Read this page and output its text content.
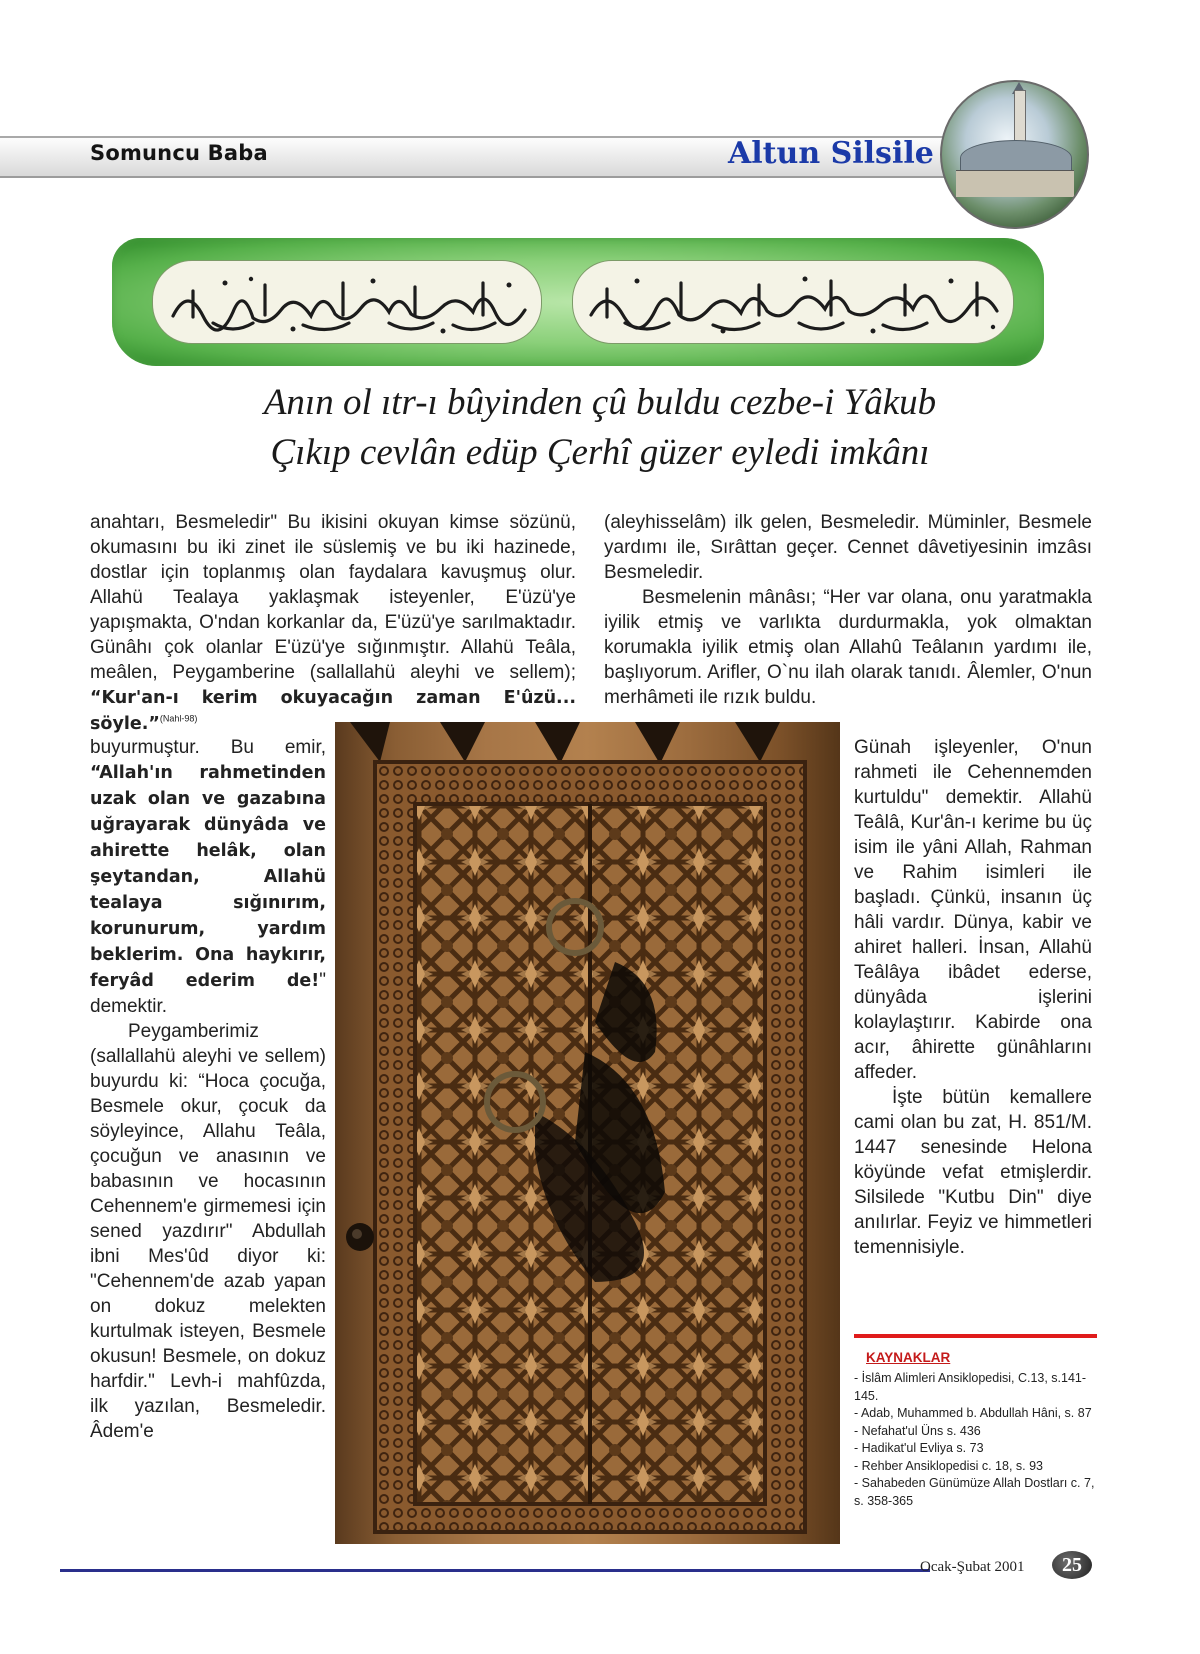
Somuncu Baba	Altun Silsile
Anın ol ıtr-ı bûyinden çû buldu cezbe-i Yâkub
Çıkıp cevlân edüp Çerhî güzer eyledi imkânı

anahtarı, Besmeledir" Bu ikisini okuyan kimse sözünü, okumasını bu iki zinet ile süslemiş ve bu iki hazinede, dostlar için toplanmış olan faydalara kavuşmuş olur. Allahü Tealaya yaklaşmak isteyenler, E'üzü'ye yapışmakta, O'ndan korkanlar da, E'üzü'ye sarılmaktadır. Günâhı çok olanlar E'üzü'ye sığınmıştır. Allahü Teâla, meâlen, Peygamberine (sallallahü aleyhi ve sellem); “Kur'an-ı kerim okuyacağın zaman E'ûzü... söyle.”$^{(Nahl-98)}$

buyurmuştur. Bu emir, “Allah'ın rahmetinden uzak olan ve gazabına uğrayarak dünyâda ve ahirette helâk, olan şeytandan, Allahü tealaya sığınırım, korunurum, yardım beklerim. Ona haykırır, feryâd ederim de!" demektir.

Peygamberimiz (sallallahü aleyhi ve sellem) buyurdu ki: “Hoca çocuğa, Besmele okur, çocuk da söyleyince, Allahu Teâla, çocuğun ve anasının ve babasının ve hocasının Cehennem'e girmemesi için sened yazdırır" Abdullah ibni Mes'ûd diyor ki: "Cehennem'de azab yapan on dokuz melekten kurtulmak isteyen, Besmele okusun! Besmele, on dokuz harfdir." Levh-i mahfûzda, ilk yazılan, Besmeledir. Âdem'e

(aleyhisselâm) ilk gelen, Besmeledir. Müminler, Besmele yardımı ile, Sırâttan geçer. Cennet dâvetiyesinin imzâsı Besmeledir.

Besmelenin mânâsı; “Her var olana, onu yaratmakla iyilik etmiş ve varlıkta durdurmakla, yok olmaktan korumakla iyilik etmiş olan Allahû Teâlanın yardımı ile, başlıyorum. Arifler, O`nu ilah olarak tanıdı. Âlemler, O'nun merhâmeti ile rızık buldu.

Günah işleyenler, O'nun rahmeti ile Cehennemden kurtuldu" demektir. Allahü Teâlâ, Kur'ân-ı kerime bu üç isim ile yâni Allah, Rahman ve Rahim isimleri ile başladı. Çünkü, insanın üç hâli vardır. Dünya, kabir ve ahiret halleri. İnsan, Allahü Teâlâya ibâdet ederse, dünyâda işlerini kolaylaştırır. Kabirde ona acır, âhirette günâhlarını affeder.

İşte bütün kemallere cami olan bu zat, H. 851/M. 1447 senesinde Helona köyünde vefat etmişlerdir. Silsilede "Kutbu Din" diye anılırlar. Feyiz ve himmetleri temennisiyle.

KAYNAKLAR
- İslâm Alimleri Ansiklopedisi, C.13, s.141-145.
- Adab, Muhammed b. Abdullah Hâni, s. 87
- Nefahat'ul Üns s. 436
- Hadikat'ul Evliya s. 73
- Rehber Ansiklopedisi c. 18, s. 93
- Sahabeden Günümüze Allah Dostları c. 7, s. 358-365
Ocak-Şubat 2001	25
